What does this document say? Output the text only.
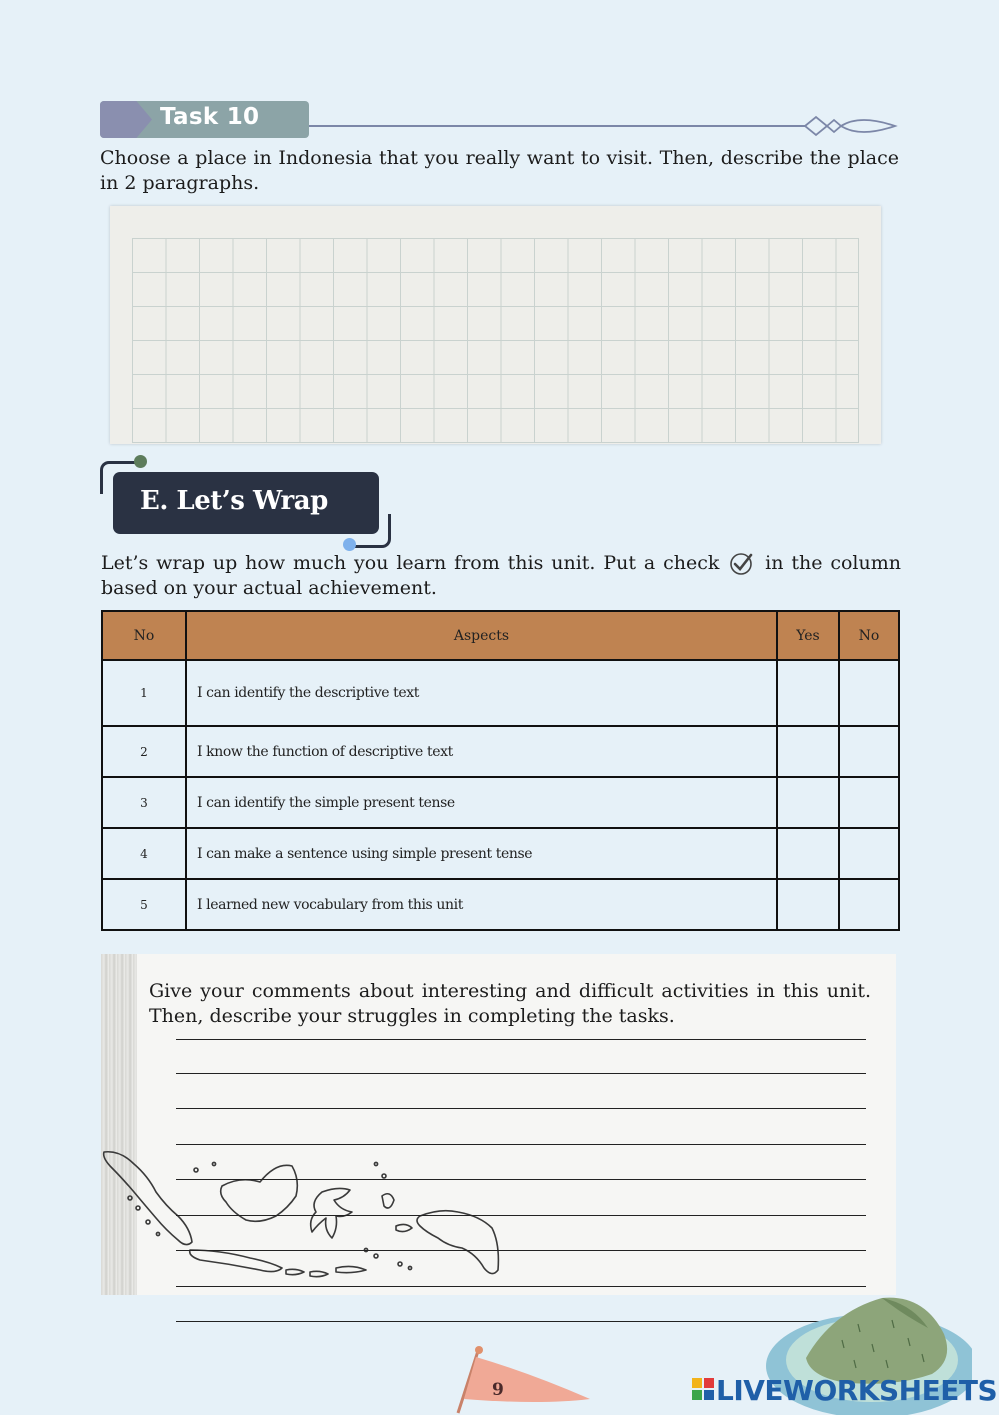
Task 10
Choose a place in Indonesia that you really want to visit. Then, describe the place in 2 paragraphs.
E. Let’s Wrap
Let’s wrap up how much you learn from this unit. Put a check in the column based on your actual achievement.
No	Aspects	Yes	No
1	I can identify the descriptive text		
2	I know the function of descriptive text		
3	I can identify the simple present tense		
4	I can make a sentence using simple present tense		
5	I learned new vocabulary from this unit		
Give your comments about interesting and difficult activities in this unit. Then, describe your struggles in completing the tasks.
9	LIVEWORKSHEETS
